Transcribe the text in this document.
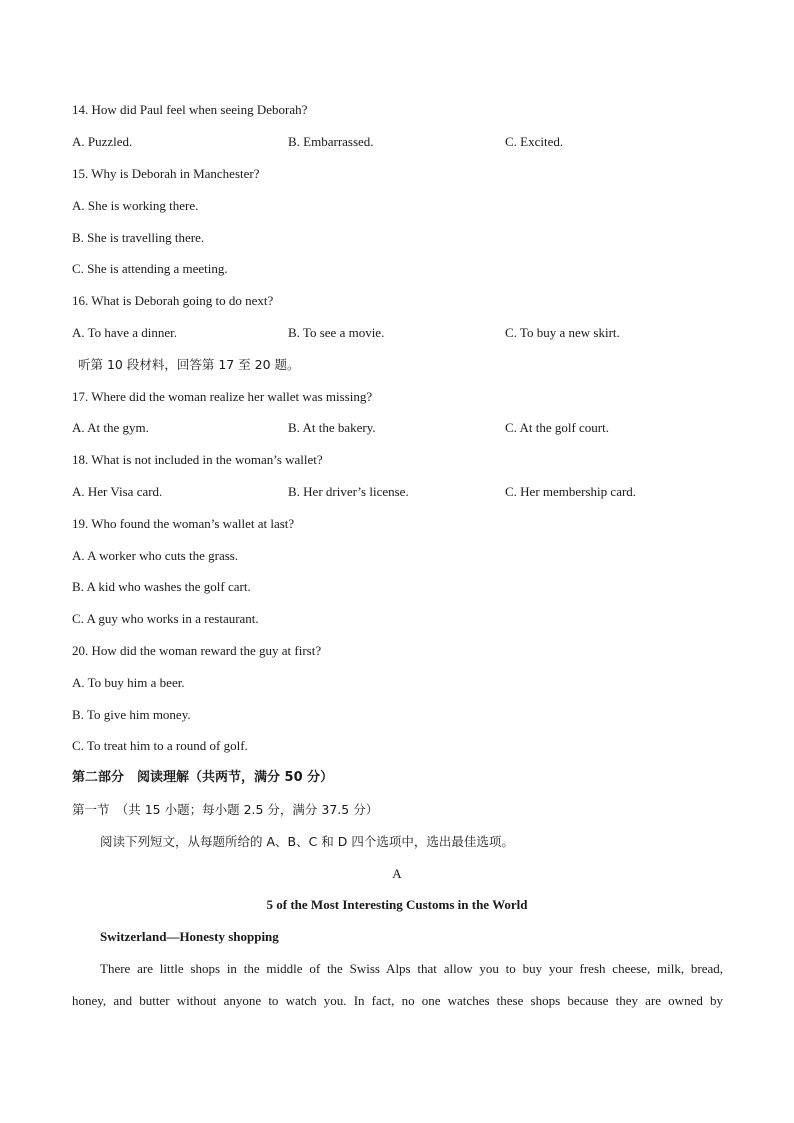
14. How did Paul feel when seeing Deborah?
A. Puzzled.	B. Embarrassed.	C. Excited.
15. Why is Deborah in Manchester?
A. She is working there.
B. She is travelling there.
C. She is attending a meeting.
16. What is Deborah going to do next?
A. To have a dinner.	B. To see a movie.	C. To buy a new skirt.
听第 10 段材料，回答第 17 至 20 题。
17. Where did the woman realize her wallet was missing?
A. At the gym.	B. At the bakery.	C. At the golf court.
18. What is not included in the woman’s wallet?
A. Her Visa card.	B. Her driver’s license.	C. Her membership card.
19. Who found the woman’s wallet at last?
A. A worker who cuts the grass.
B. A kid who washes the golf cart.
C. A guy who works in a restaurant.
20. How did the woman reward the guy at first?
A. To buy him a beer.
B. To give him money.
C. To treat him to a round of golf.
第二部分　阅读理解（共两节，满分 50 分）
第一节　（共 15 小题；每小题 2.5 分，满分 37.5 分）
阅读下列短文，从每题所给的 A、B、C 和 D 四个选项中，选出最佳选项。
A
5 of the Most Interesting Customs in the World
Switzerland—Honesty shopping
There are little shops in the middle of the Swiss Alps that allow you to buy your fresh cheese, milk, bread,
honey, and butter without anyone to watch you. In fact, no one watches these shops because they are owned by
